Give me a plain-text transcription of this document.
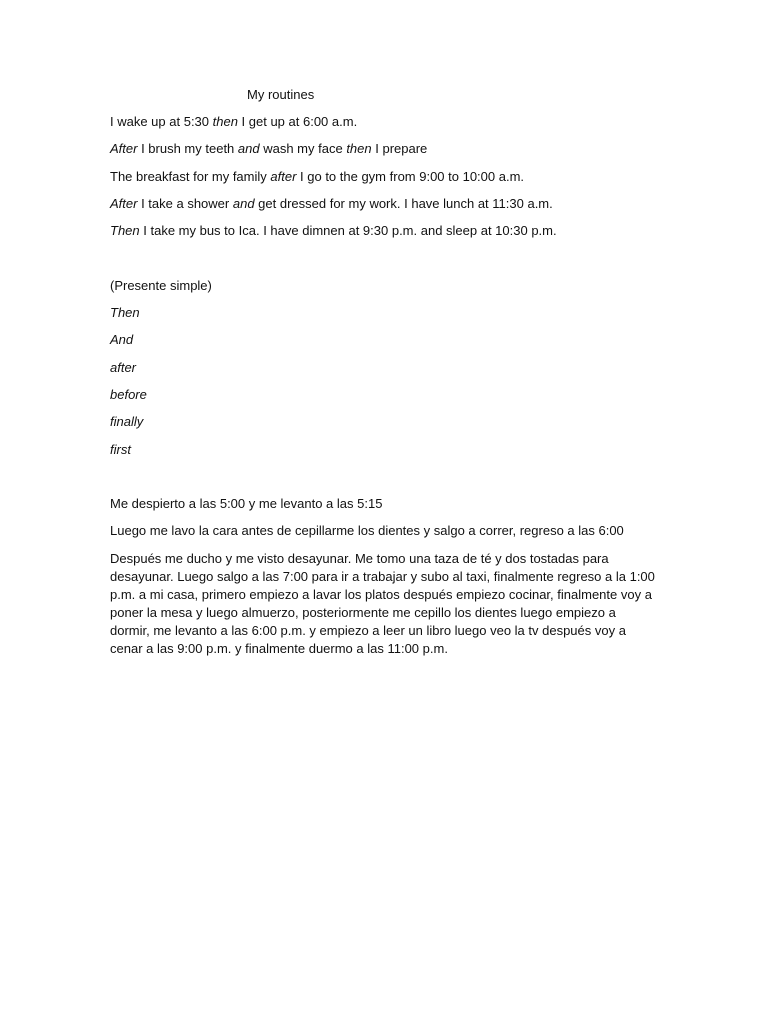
My routines
I wake up at 5:30 then I get up at 6:00 a.m.
After I brush my teeth and wash my face then I prepare
The breakfast for my family after I go to the gym from 9:00 to 10:00 a.m.
After I take a shower and get dressed for my work. I have lunch at 11:30 a.m.
Then I take my bus to Ica. I have dimnen at 9:30 p.m. and sleep at 10:30 p.m.
(Presente simple)
Then
And
after
before
finally
first
Me despierto a las 5:00 y me levanto a las 5:15
Luego me lavo la cara antes de cepillarme los dientes y salgo a correr, regreso a las 6:00

Después me ducho y me visto desayunar. Me tomo una taza de té y dos tostadas para desayunar. Luego salgo a las 7:00 para ir a trabajar y subo al taxi, finalmente regreso a la 1:00 p.m. a mi casa, primero empiezo a lavar los platos después empiezo cocinar, finalmente voy a poner la mesa y luego almuerzo, posteriormente me cepillo los dientes luego empiezo a dormir, me levanto a las 6:00 p.m. y empiezo a leer un libro luego veo la tv después voy a cenar a las 9:00 p.m. y finalmente duermo a las 11:00 p.m.
